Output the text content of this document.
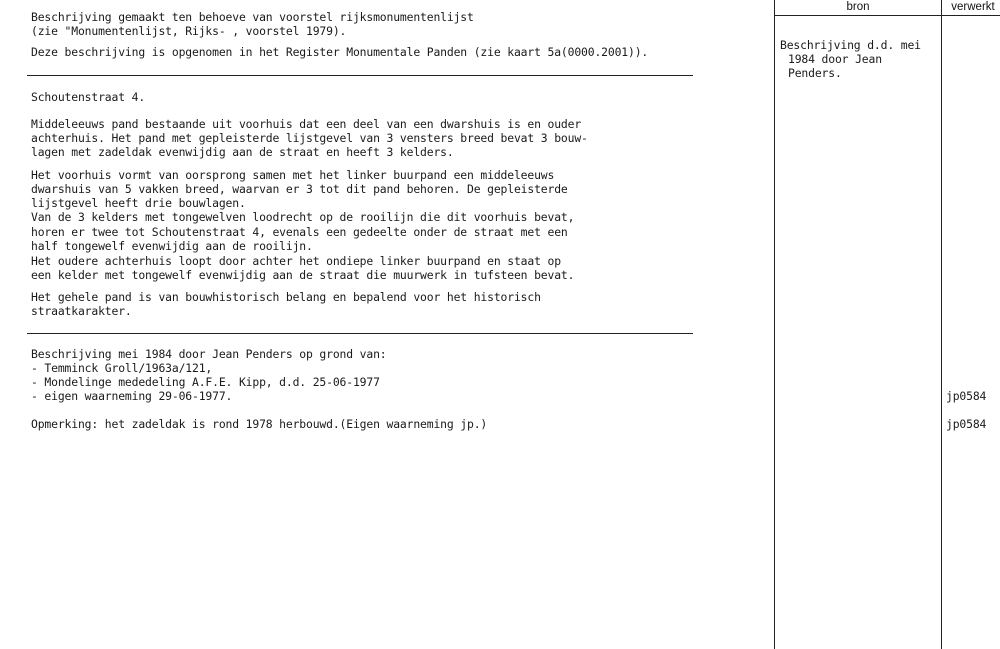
Beschrijving gemaakt ten behoeve van voorstel rijksmonumentenlijst
(zie "Monumentenlijst, Rijks- , voorstel 1979).
Deze beschrijving is opgenomen in het Register Monumentale Panden (zie kaart 5a(0000.2001)).
Schoutenstraat 4.
Middeleeuws pand bestaande uit voorhuis dat een deel van een dwarshuis is en ouder
achterhuis. Het pand met gepleisterde lijstgevel van 3 vensters breed bevat 3 bouw-
lagen met zadeldak evenwijdig aan de straat en heeft 3 kelders.
Het voorhuis vormt van oorsprong samen met het linker buurpand een middeleeuws
dwarshuis van 5 vakken breed, waarvan er 3 tot dit pand behoren. De gepleisterde
lijstgevel heeft drie bouwlagen.
Van de 3 kelders met tongewelven loodrecht op de rooilijn die dit voorhuis bevat,
horen er twee tot Schoutenstraat 4, evenals een gedeelte onder de straat met een
half tongewelf evenwijdig aan de rooilijn.
Het oudere achterhuis loopt door achter het ondiepe linker buurpand en staat op
een kelder met tongewelf evenwijdig aan de straat die muurwerk in tufsteen bevat.
Het gehele pand is van bouwhistorisch belang en bepalend voor het historisch
straatkarakter.
Beschrijving mei 1984 door Jean Penders op grond van:
- Temminck Groll/1963a/121,
- Mondelinge mededeling A.F.E. Kipp, d.d. 25-06-1977
- eigen waarneming 29-06-1977.
Opmerking: het zadeldak is rond 1978 herbouwd.(Eigen waarneming jp.)
bron	verwerkt
Beschrijving d.d. mei
1984 door Jean
Penders.
jp0584
jp0584
